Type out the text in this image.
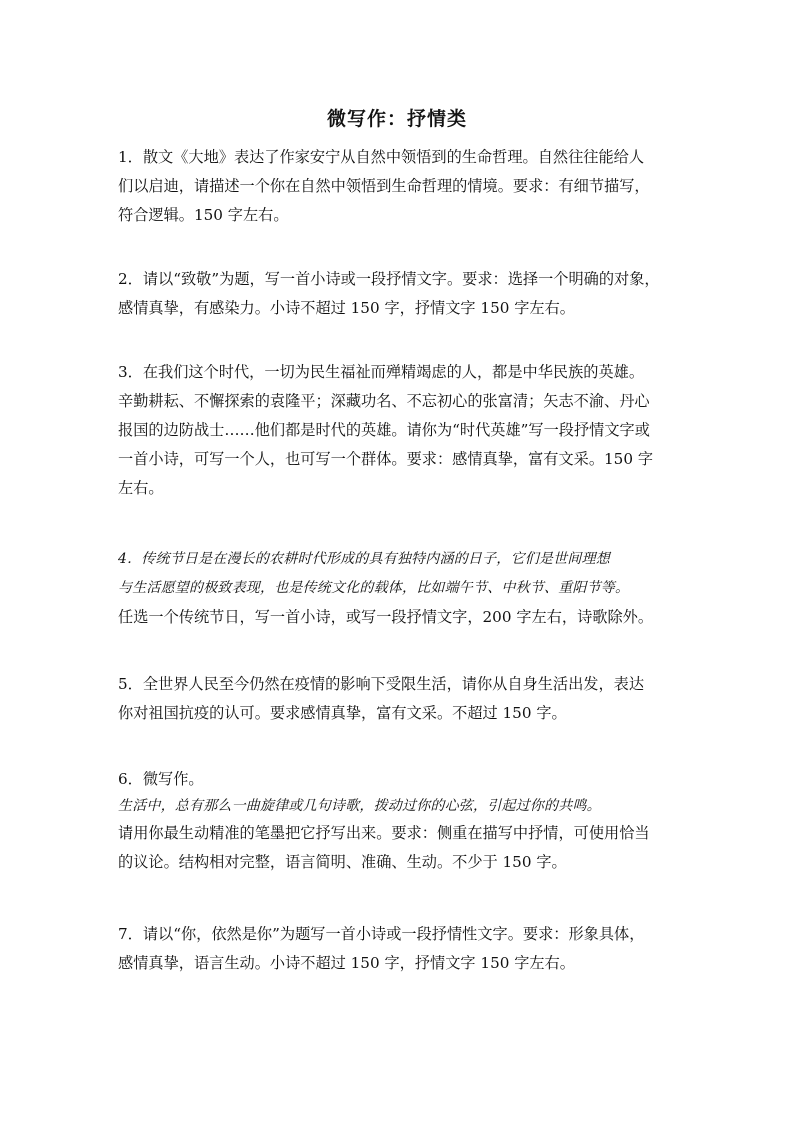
微写作：抒情类

1．散文《大地》表达了作家安宁从自然中领悟到的生命哲理。自然往往能给人

们以启迪，请描述一个你在自然中领悟到生命哲理的情境。要求：有细节描写，

符合逻辑。150 字左右。

2．请以“致敬”为题，写一首小诗或一段抒情文字。要求：选择一个明确的对象，

感情真挚，有感染力。小诗不超过 150 字，抒情文字 150 字左右。

3．在我们这个时代，一切为民生福祉而殚精竭虑的人，都是中华民族的英雄。

辛勤耕耘、不懈探索的袁隆平；深藏功名、不忘初心的张富清；矢志不渝、丹心

报国的边防战士……他们都是时代的英雄。请你为“时代英雄”写一段抒情文字或

一首小诗，可写一个人，也可写一个群体。要求：感情真挚，富有文采。150 字

左右。

4．传统节日是在漫长的农耕时代形成的具有独特内涵的日子，它们是世间理想

与生活愿望的极致表现，也是传统文化的载体，比如端午节、中秋节、重阳节等。

任选一个传统节日，写一首小诗，或写一段抒情文字，200 字左右，诗歌除外。

5．全世界人民至今仍然在疫情的影响下受限生活，请你从自身生活出发，表达

你对祖国抗疫的认可。要求感情真挚，富有文采。不超过 150 字。

6．微写作。

生活中，总有那么一曲旋律或几句诗歌，拨动过你的心弦，引起过你的共鸣。

请用你最生动精准的笔墨把它抒写出来。要求：侧重在描写中抒情，可使用恰当

的议论。结构相对完整，语言简明、准确、生动。不少于 150 字。

7．请以“你，依然是你”为题写一首小诗或一段抒情性文字。要求：形象具体，

感情真挚，语言生动。小诗不超过 150 字，抒情文字 150 字左右。
